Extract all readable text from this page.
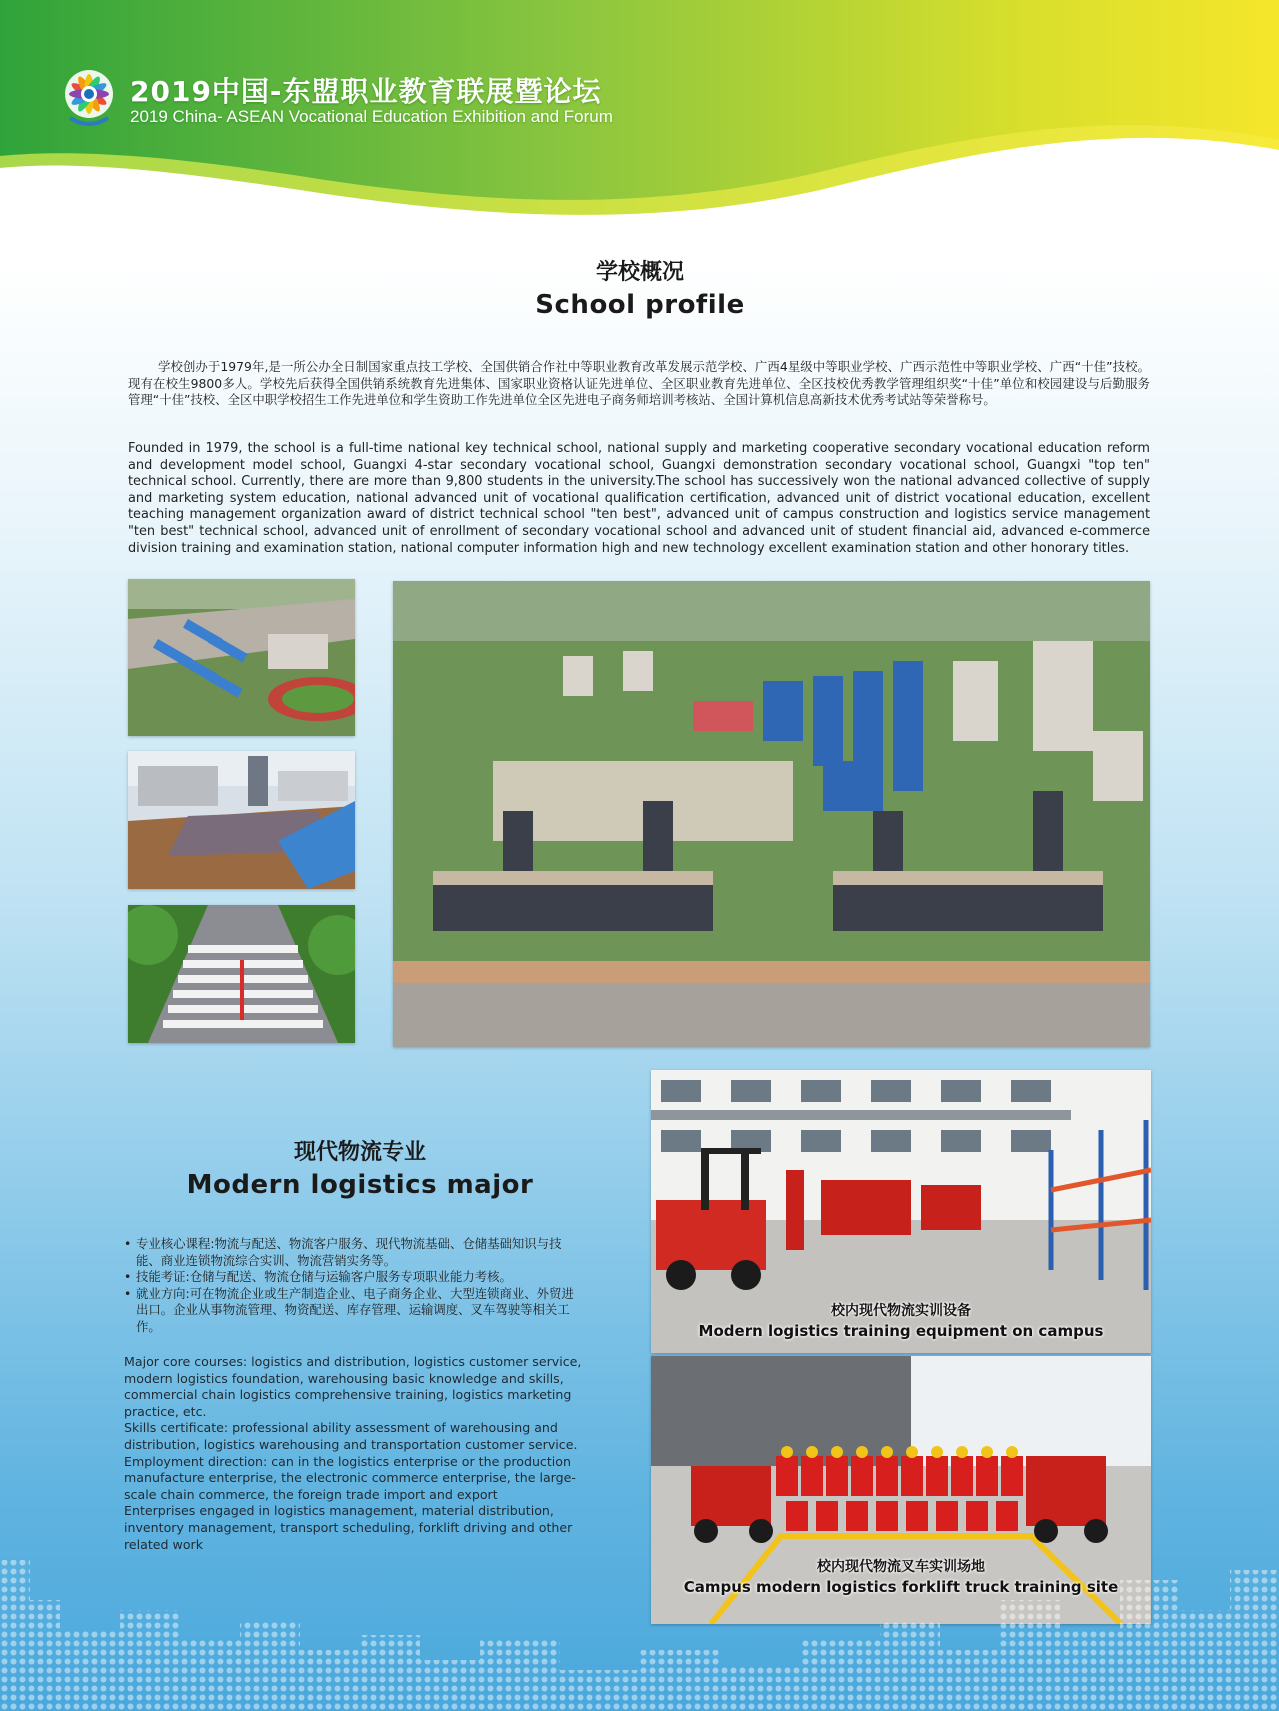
2019中国-东盟职业教育联展暨论坛
2019 China- ASEAN Vocational Education Exhibition and Forum
学校概况
School profile
学校创办于1979年,是一所公办全日制国家重点技工学校、全国供销合作社中等职业教育改革发展示范学校、广西4星级中等职业学校、广西示范性中等职业学校、广西“十佳”技校。现有在校生9800多人。学校先后获得全国供销系统教育先进集体、国家职业资格认证先进单位、全区职业教育先进单位、全区技校优秀教学管理组织奖“十佳”单位和校园建设与后勤服务管理“十佳”技校、全区中职学校招生工作先进单位和学生资助工作先进单位全区先进电子商务师培训考核站、全国计算机信息高新技术优秀考试站等荣誉称号。
Founded in 1979, the school is a full-time national key technical school, national supply and marketing cooperative secondary vocational education reform and development model school, Guangxi 4-star secondary vocational school, Guangxi demonstration secondary vocational school, Guangxi "top ten" technical school. Currently, there are more than 9,800 students in the university.The school has successively won the national advanced collective of supply and marketing system education, national advanced unit of vocational qualification certification, advanced unit of district vocational education, excellent teaching management organization award of district technical school "ten best", advanced unit of campus construction and logistics service management "ten best" technical school, advanced unit of enrollment of secondary vocational school and advanced unit of student financial aid, advanced e-commerce division training and examination station, national computer information high and new technology excellent examination station and other honorary titles.
现代物流专业
Modern logistics major
• 专业核心课程:物流与配送、物流客户服务、现代物流基础、仓储基础知识与技能、商业连锁物流综合实训、物流营销实务等。
• 技能考证:仓储与配送、物流仓储与运输客户服务专项职业能力考核。
• 就业方向:可在物流企业或生产制造企业、电子商务企业、大型连锁商业、外贸进出口。企业从事物流管理、物资配送、库存管理、运输调度、叉车驾驶等相关工作。

Major core courses: logistics and distribution, logistics customer service, modern logistics foundation, warehousing basic knowledge and skills, commercial chain logistics comprehensive training, logistics marketing practice, etc.

Skills certificate: professional ability assessment of warehousing and distribution, logistics warehousing and transportation customer service.

Employment direction: can in the logistics enterprise or the production manufacture enterprise, the electronic commerce enterprise, the large-scale chain commerce, the foreign trade import and export

Enterprises engaged in logistics management, material distribution, inventory management, transport scheduling, forklift driving and other related work

校内现代物流实训设备
Modern logistics training equipment on campus
校内现代物流叉车实训场地
Campus modern logistics forklift truck training site
